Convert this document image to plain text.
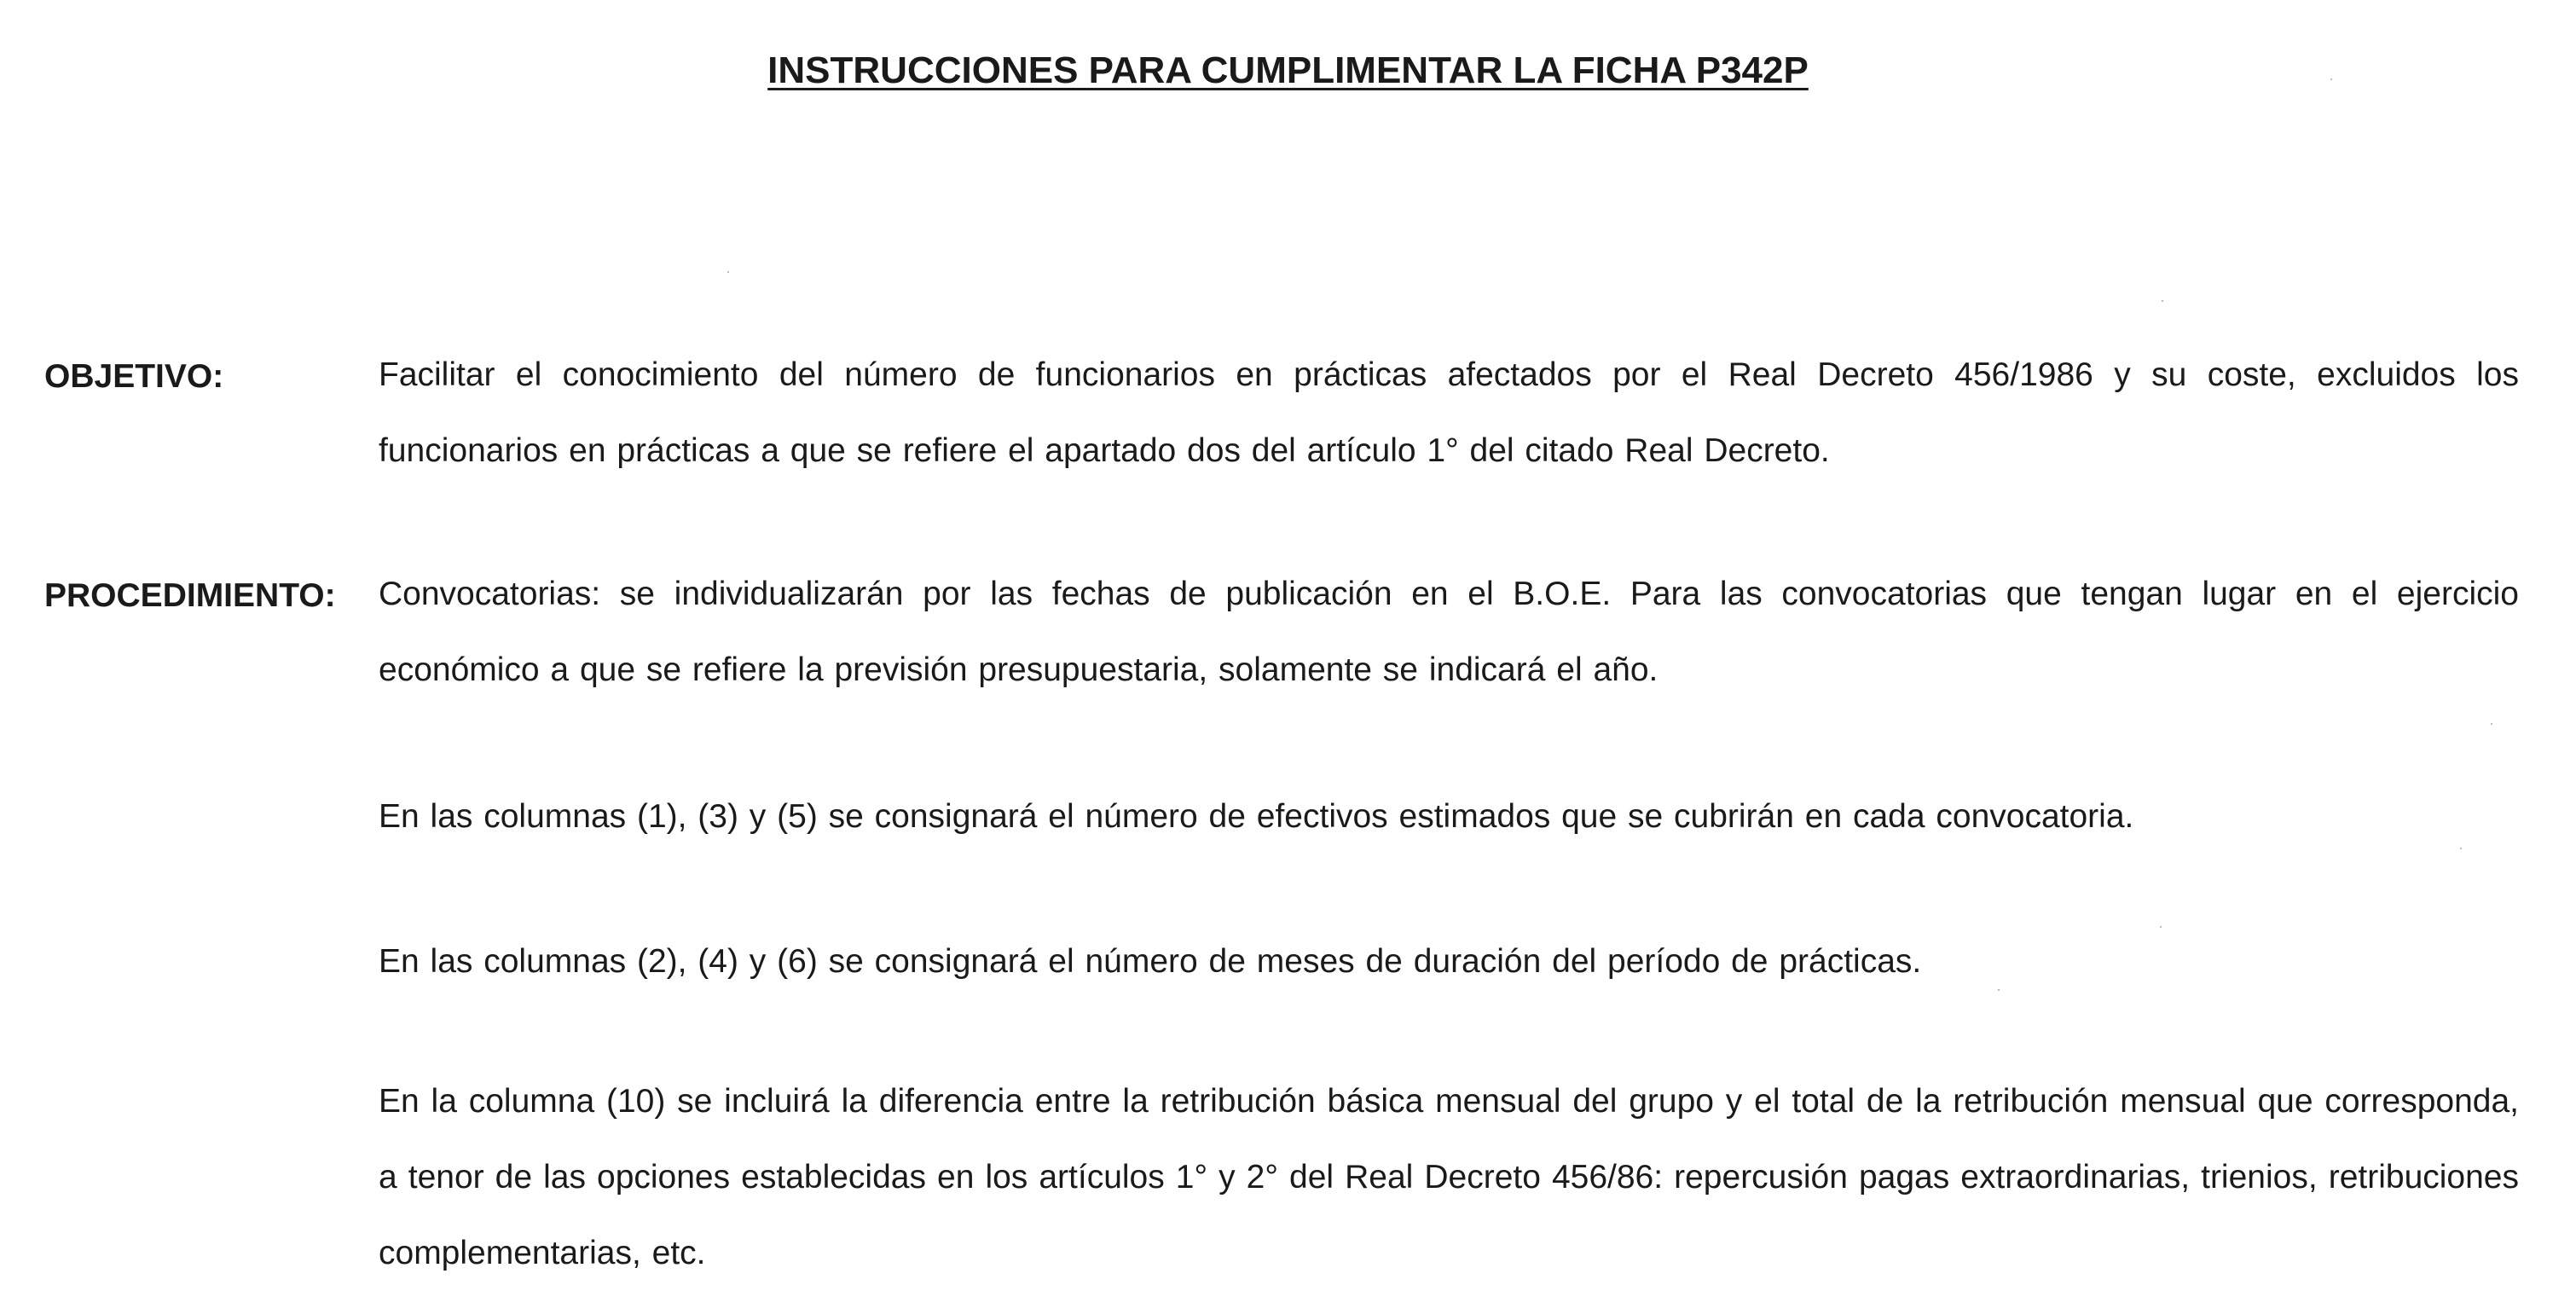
INSTRUCCIONES PARA CUMPLIMENTAR LA FICHA P342P
OBJETIVO:	Facilitar el conocimiento del número de funcionarios en prácticas afectados por el Real Decreto 456/1986 y su coste, excluidos los funcionarios en prácticas a que se refiere el apartado dos del artículo 1° del citado Real Decreto.
PROCEDIMIENTO: Convocatorias: se individualizarán por las fechas de publicación en el B.O.E. Para las convocatorias que tengan lugar en el ejercicio económico a que se refiere la previsión presupuestaria, solamente se indicará el año.
En las columnas (1), (3) y (5) se consignará el número de efectivos estimados que se cubrirán en cada convocatoria.
En las columnas (2), (4) y (6) se consignará el número de meses de duración del período de prácticas.
En la columna (10) se incluirá la diferencia entre la retribución básica mensual del grupo y el total de la retribución mensual que corresponda, a tenor de las opciones establecidas en los artículos 1° y 2° del Real Decreto 456/86: repercusión pagas extraordinarias, trienios, retribuciones complementarias, etc.
